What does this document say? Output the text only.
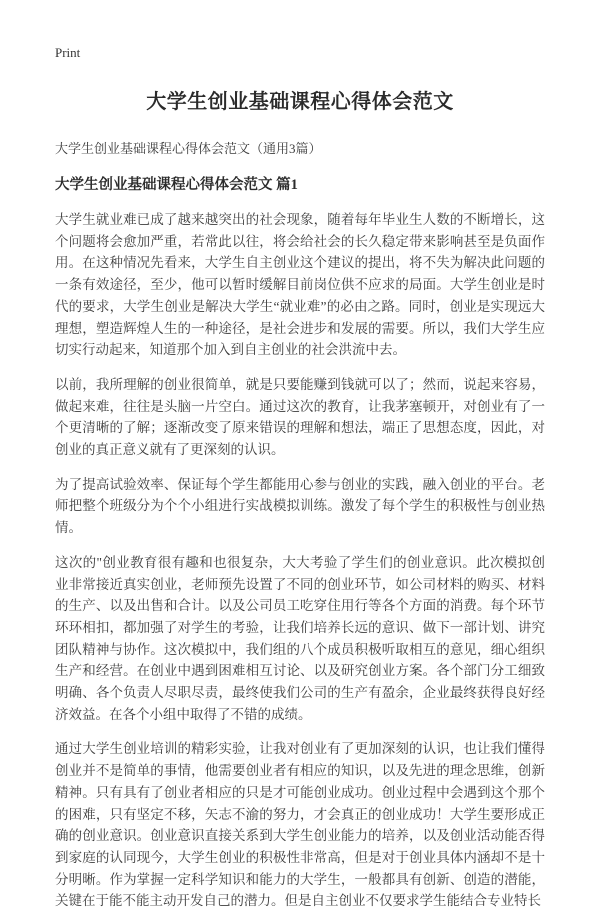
Print
大学生创业基础课程心得体会范文
大学生创业基础课程心得体会范文（通用3篇）
大学生创业基础课程心得体会范文 篇1

大学生就业难已成了越来越突出的社会现象，随着每年毕业生人数的不断增长，这个问题将会愈加严重，若常此以往，将会给社会的长久稳定带来影响甚至是负面作用。在这种情况先看来，大学生自主创业这个建议的提出，将不失为解决此问题的一条有效途径，至少，他可以暂时缓解目前岗位供不应求的局面。大学生创业是时代的要求，大学生创业是解决大学生“就业难”的必由之路。同时，创业是实现远大理想，塑造辉煌人生的一种途径，是社会进步和发展的需要。所以，我们大学生应切实行动起来，知道那个加入到自主创业的社会洪流中去。

以前，我所理解的创业很简单，就是只要能赚到钱就可以了；然而，说起来容易，做起来难，往往是头脑一片空白。通过这次的教育，让我茅塞顿开，对创业有了一个更清晰的了解；逐渐改变了原来错误的理解和想法，端正了思想态度，因此，对创业的真正意义就有了更深刻的认识。

为了提高试验效率、保证每个学生都能用心参与创业的实践，融入创业的平台。老师把整个班级分为个个小组进行实战模拟训练。激发了每个学生的积极性与创业热情。

这次的"创业教育很有趣和也很复杂，大大考验了学生们的创业意识。此次模拟创业非常接近真实创业，老师预先设置了不同的创业环节，如公司材料的购买、材料的生产、以及出售和合计。以及公司员工吃穿住用行等各个方面的消费。每个环节环环相扣，都加强了对学生的考验，让我们培养长远的意识、做下一部计划、讲究团队精神与协作。这次模拟中，我们组的八个成员积极听取相互的意见，细心组织生产和经营。在创业中遇到困难相互讨论、以及研究创业方案。各个部门分工细致明确、各个负责人尽职尽责，最终使我们公司的生产有盈余，企业最终获得良好经济效益。在各个小组中取得了不错的成绩。

通过大学生创业培训的精彩实验，让我对创业有了更加深刻的认识，也让我们懂得创业并不是简单的事情，他需要创业者有相应的知识，以及先进的理念思维，创新精神。只有具有了创业者相应的只是才可能创业成功。创业过程中会遇到这个那个的困难，只有坚定不移，矢志不渝的努力，才会真正的创业成功！大学生要形成正确的创业意识。创业意识直接关系到大学生创业能力的培养，以及创业活动能否得到家庭的认同现今，大学生创业的积极性非常高，但是对于创业具体内涵却不是十分明晰。作为掌握一定科学知识和能力的大学生，一般都具有创新、创造的潜能，关键在于能不能主动开发自己的潜力。但是自主创业不仅要求学生能结合专业特长
